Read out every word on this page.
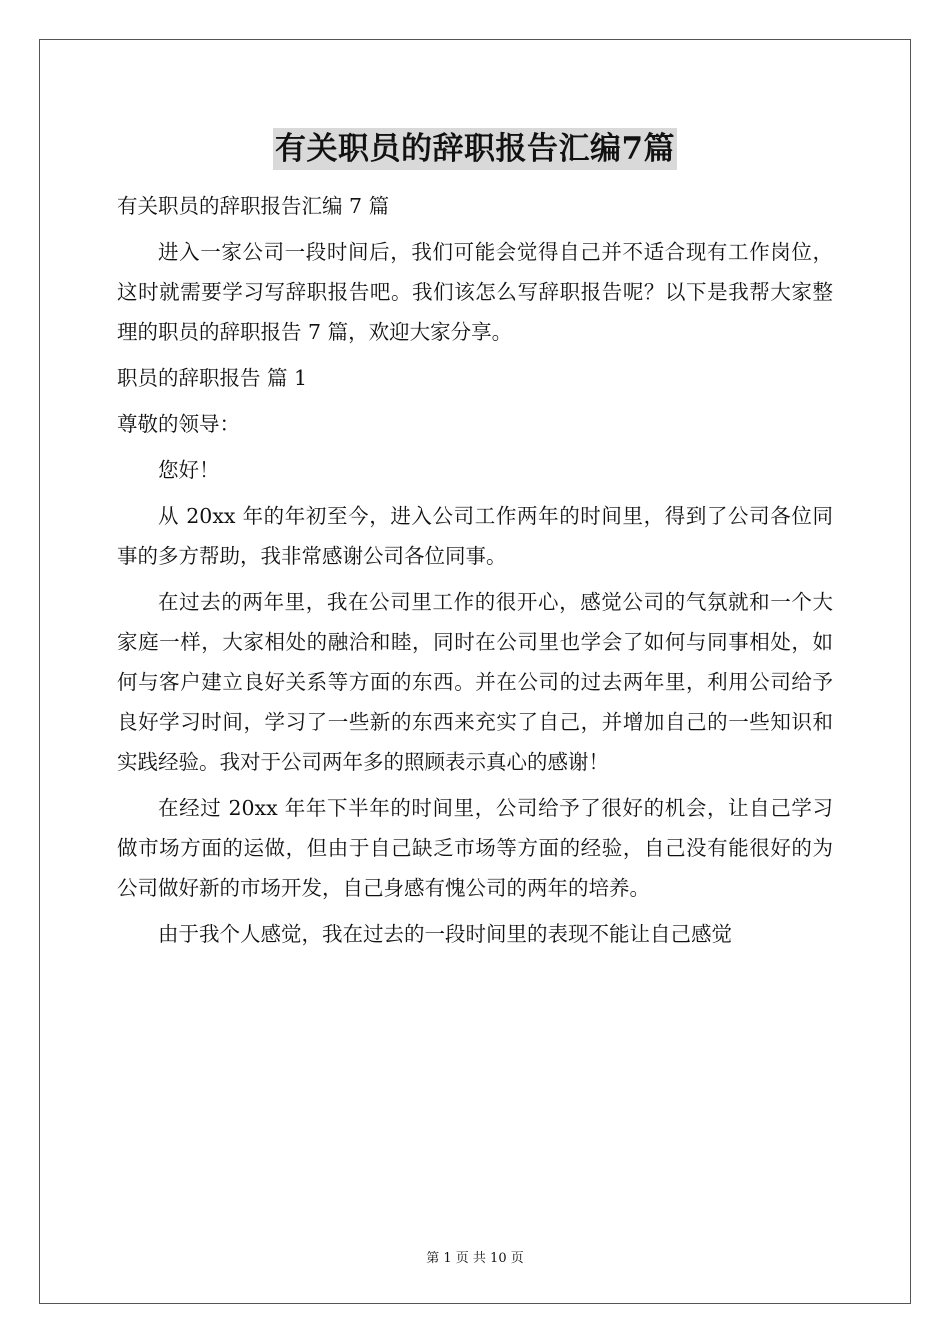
有关职员的辞职报告汇编7篇
有关职员的辞职报告汇编 7 篇
进入一家公司一段时间后，我们可能会觉得自己并不适合现有工作岗位，这时就需要学习写辞职报告吧。我们该怎么写辞职报告呢？以下是我帮大家整理的职员的辞职报告 7 篇，欢迎大家分享。
职员的辞职报告 篇 1
尊敬的领导：
您好！
从 20xx 年的年初至今，进入公司工作两年的时间里，得到了公司各位同事的多方帮助，我非常感谢公司各位同事。
在过去的两年里，我在公司里工作的很开心，感觉公司的气氛就和一个大家庭一样，大家相处的融洽和睦，同时在公司里也学会了如何与同事相处，如何与客户建立良好关系等方面的东西。并在公司的过去两年里，利用公司给予良好学习时间，学习了一些新的东西来充实了自己，并增加自己的一些知识和实践经验。我对于公司两年多的照顾表示真心的感谢！
在经过 20xx 年年下半年的时间里，公司给予了很好的机会，让自己学习做市场方面的运做，但由于自己缺乏市场等方面的经验，自己没有能很好的为公司做好新的市场开发，自己身感有愧公司的两年的培养。
由于我个人感觉，我在过去的一段时间里的表现不能让自己感觉
第 1 页 共 10 页
